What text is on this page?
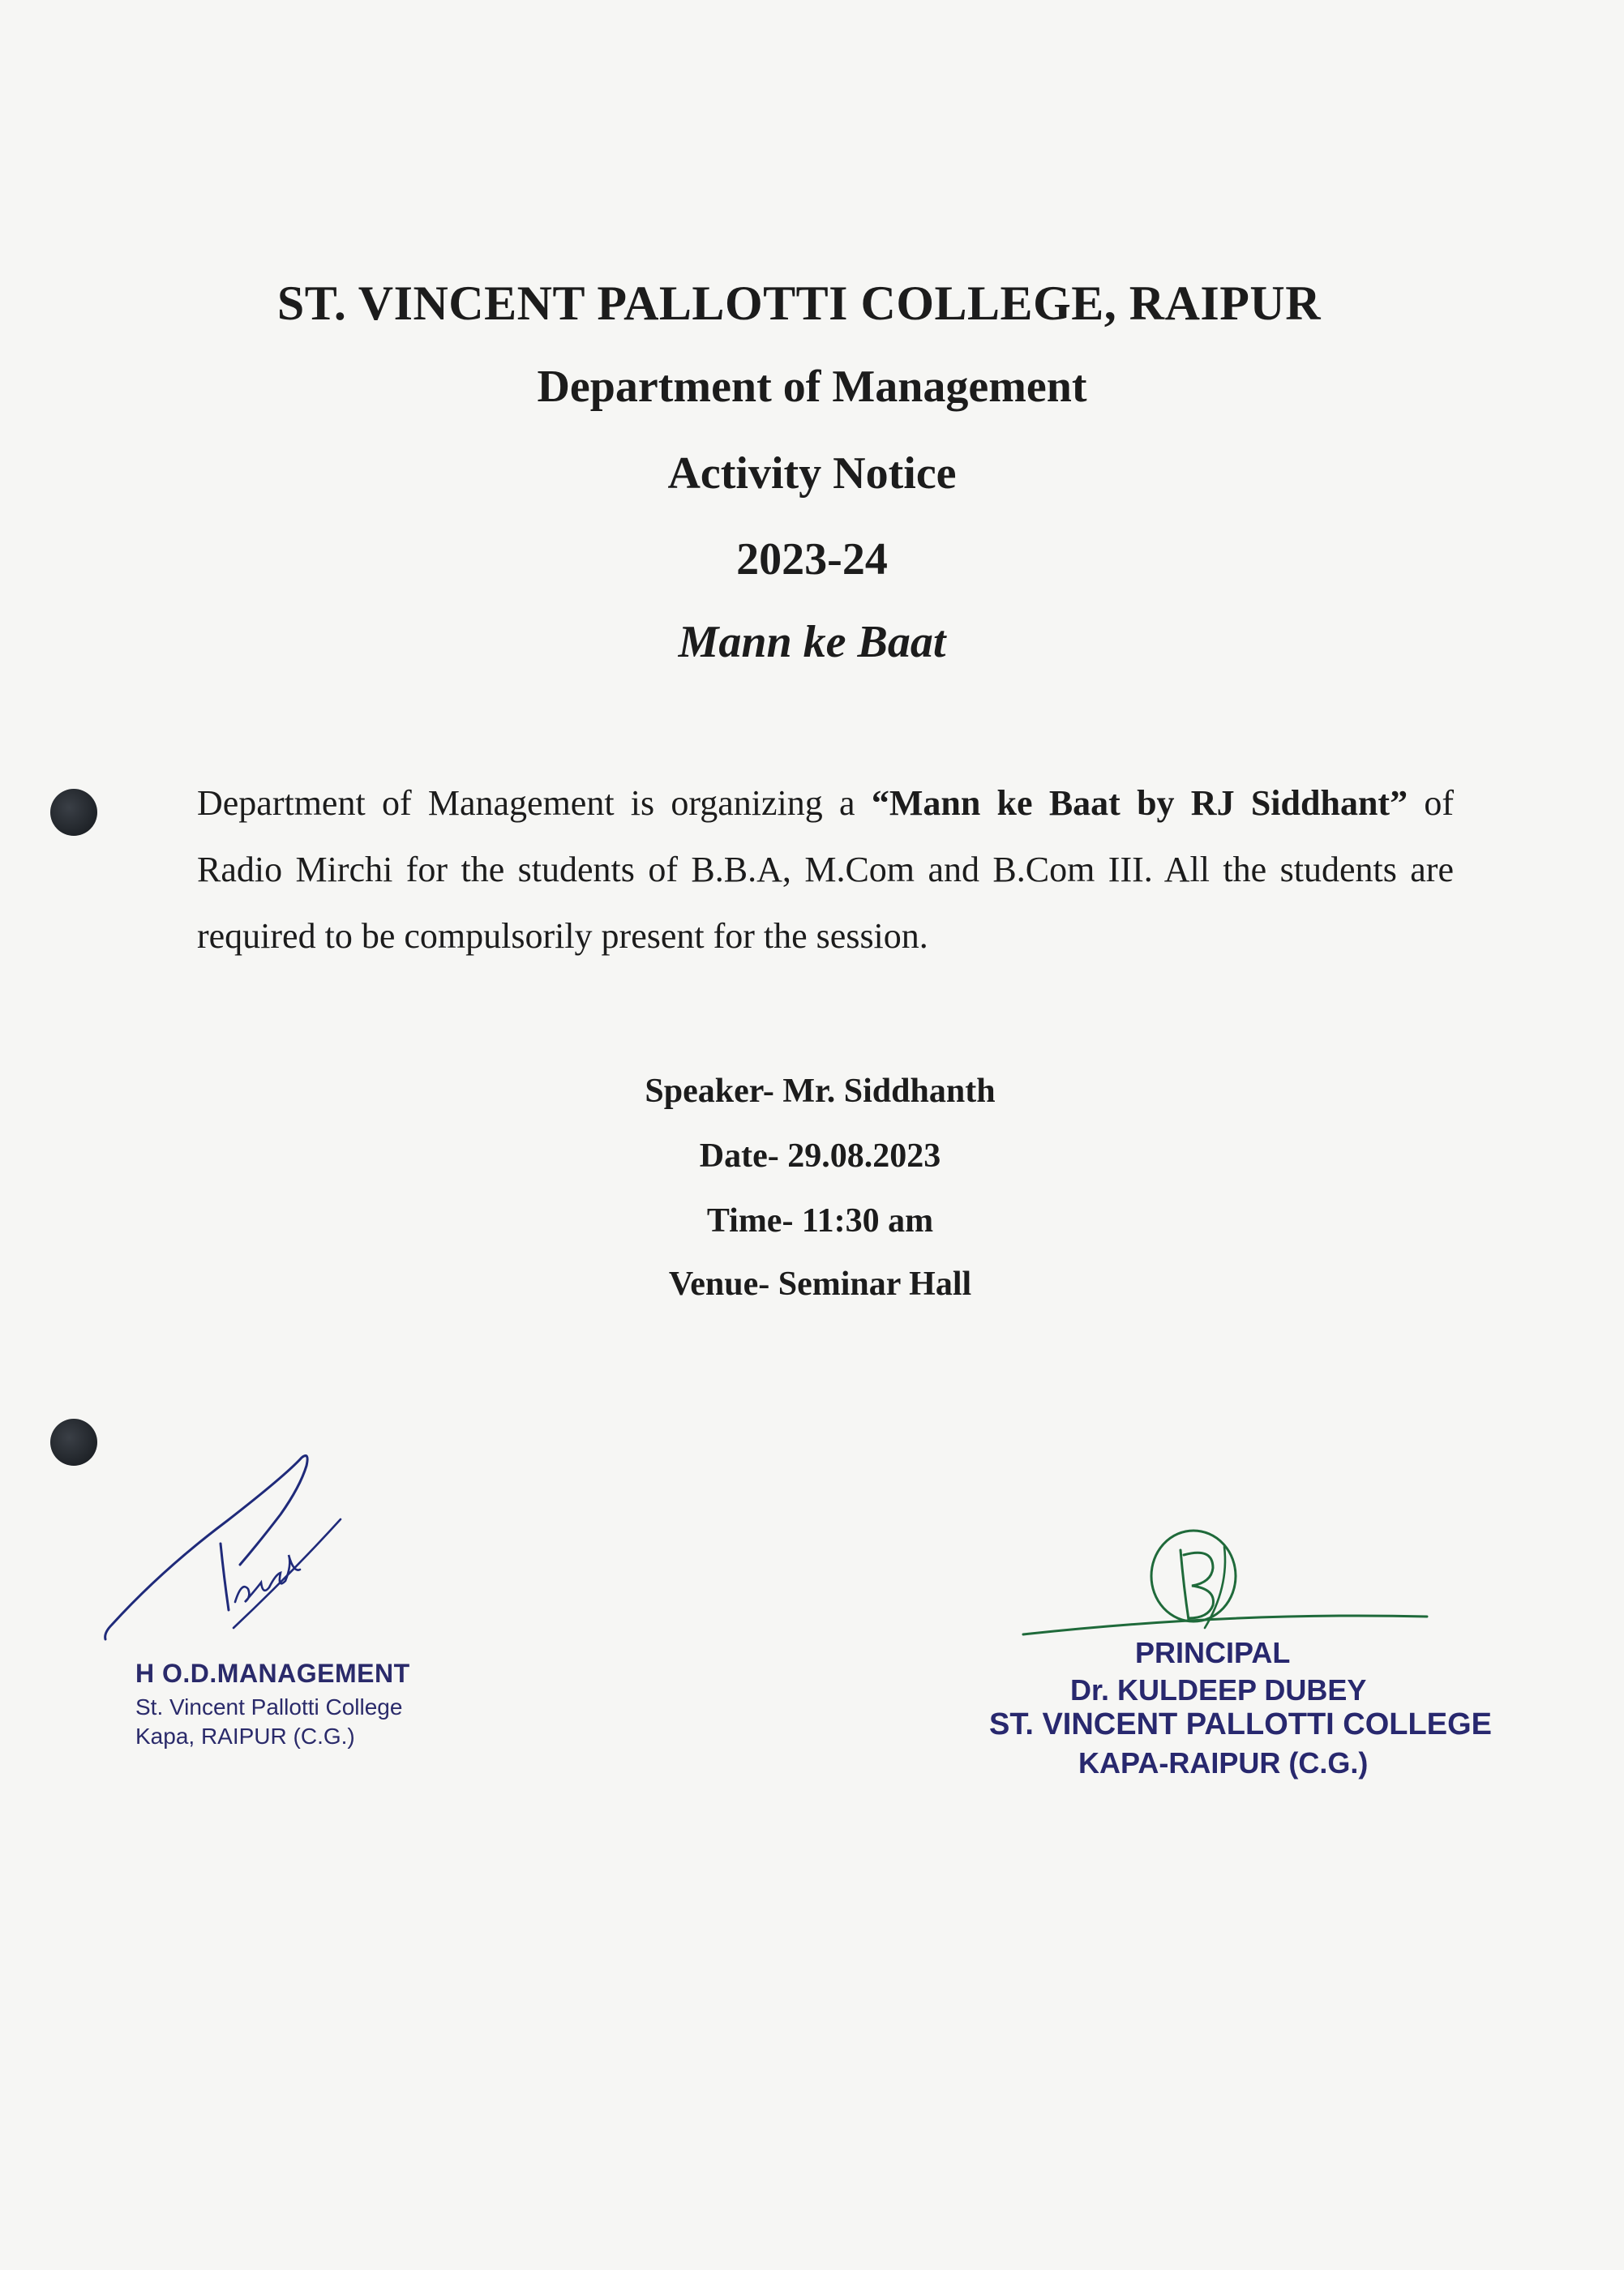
ST. VINCENT PALLOTTI COLLEGE, RAIPUR
Department of Management
Activity Notice
2023-24
Mann ke Baat
Department of Management is organizing a “Mann ke Baat by RJ Siddhant” of Radio Mirchi for the students of B.B.A, M.Com and B.Com III. All the students are required to be compulsorily present for the session.
Speaker- Mr. Siddhanth
Date- 29.08.2023
Time- 11:30 am
Venue- Seminar Hall
H O.D.MANAGEMENT
St. Vincent Pallotti College
Kapa, RAIPUR (C.G.)
PRINCIPAL
Dr. KULDEEP DUBEY
ST. VINCENT PALLOTTI COLLEGE
KAPA-RAIPUR (C.G.)
